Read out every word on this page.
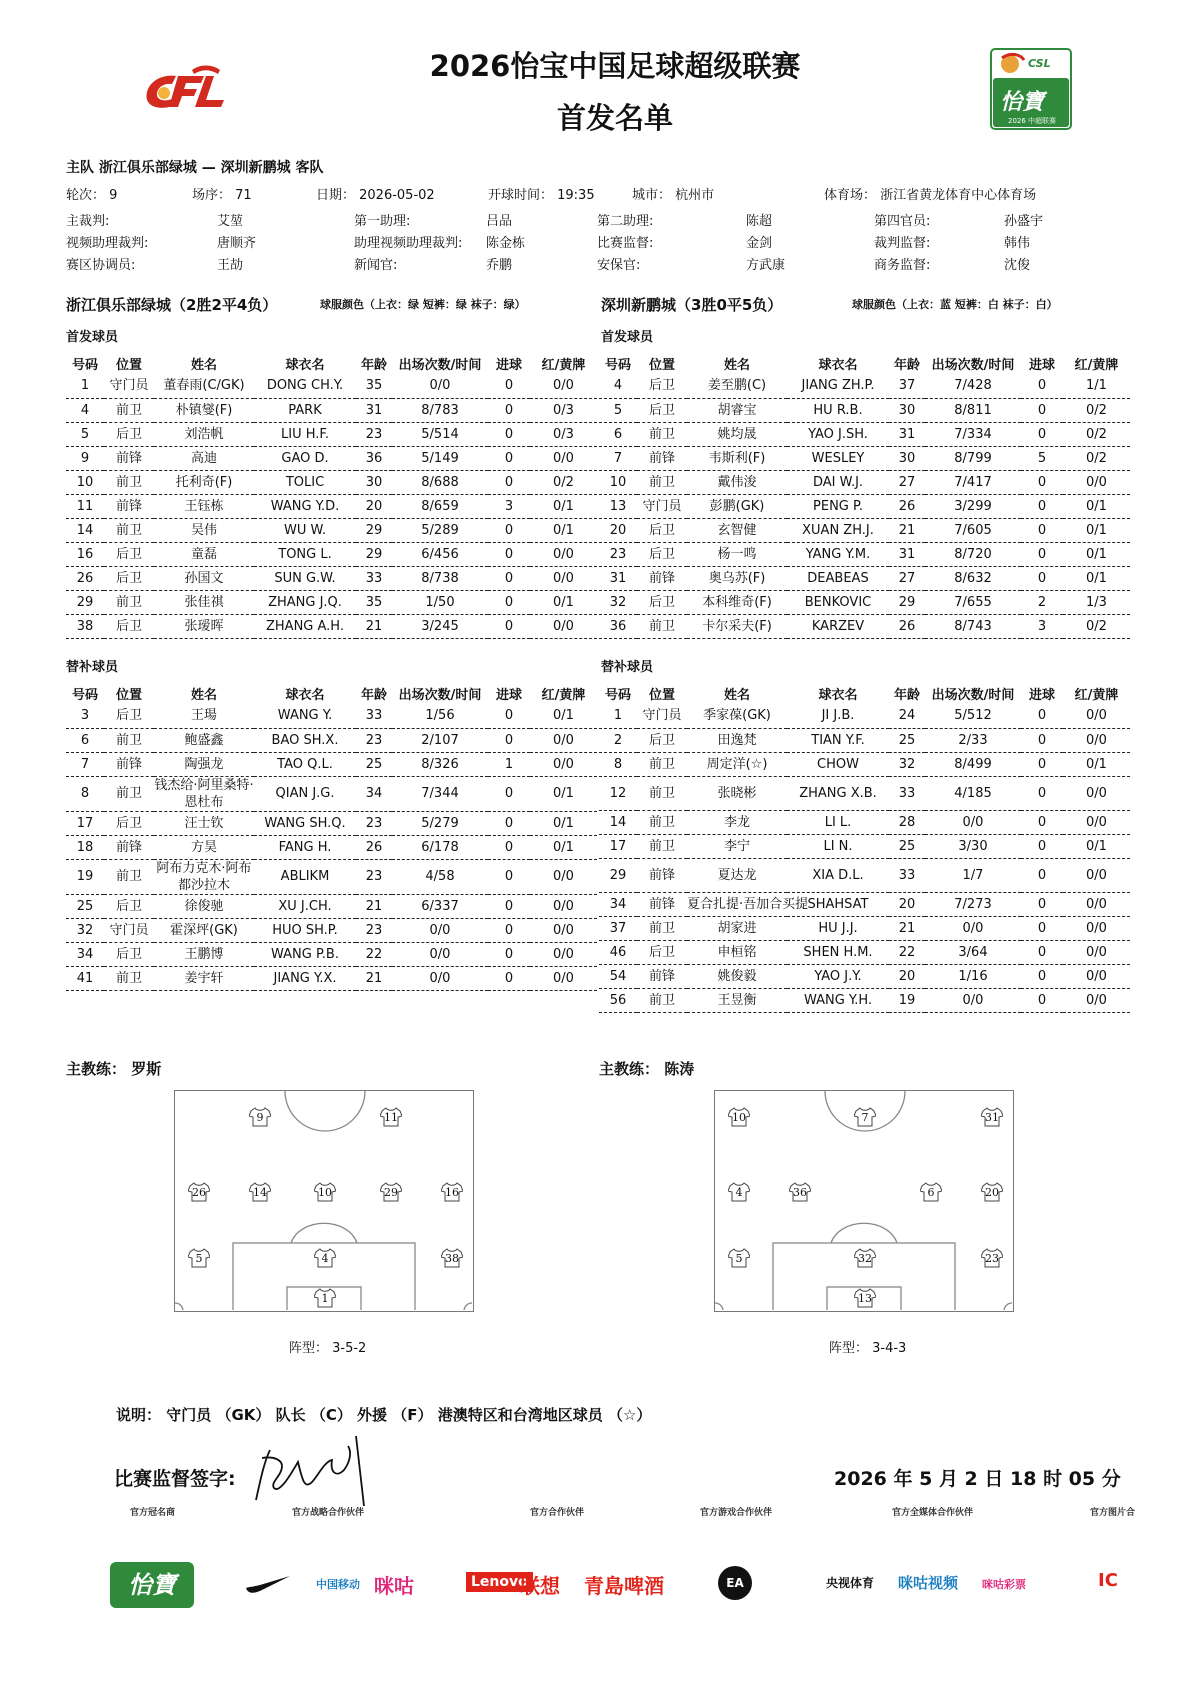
2026怡宝中国足球超级联赛
首发名单
CSL
怡寶
2026 中超联赛
主队 浙江俱乐部绿城 — 深圳新鹏城 客队
轮次： 9	场序： 71	日期： 2026-05-02	开球时间： 19:35	城市： 杭州市	体育场： 浙江省黄龙体育中心体育场
主裁判:	艾堃	第一助理:	吕品	第二助理:	陈超	第四官员:	孙盛宇
视频助理裁判:	唐顺齐	助理视频助理裁判: 陈金栋	比赛监督:	金剑	裁判监督:	韩伟
赛区协调员:	王劼	新闻官:	乔鹏	安保官:	方武康	商务监督:	沈俊
浙江俱乐部绿城（2胜2平4负）	球服颜色（上衣：绿 短裤：绿 袜子：绿）	深圳新鹏城（3胜0平5负）	球服颜色（上衣：蓝 短裤：白 袜子：白）
首发球员	首发球员
号码	位置	姓名	球衣名	年龄	出场次数/时间	进球	红/黄牌
1	守门员	董春雨(C/GK)	DONG CH.Y.	35	0/0	0	0/0
4	前卫	朴镇燮(F)	PARK	31	8/783	0	0/3
5	后卫	刘浩帆	LIU H.F.	23	5/514	0	0/3
9	前锋	高迪	GAO D.	36	5/149	0	0/0
10	前卫	托利奇(F)	TOLIC	30	8/688	0	0/2
11	前锋	王钰栋	WANG Y.D.	20	8/659	3	0/1
14	前卫	吴伟	WU W.	29	5/289	0	0/1
16	后卫	童磊	TONG L.	29	6/456	0	0/0
26	后卫	孙国文	SUN G.W.	33	8/738	0	0/0
29	前卫	张佳祺	ZHANG J.Q.	35	1/50	0	0/1
38	后卫	张瑷晖	ZHANG A.H.	21	3/245	0	0/0
号码	位置	姓名	球衣名	年龄	出场次数/时间	进球	红/黄牌
4	后卫	姜至鹏(C)	JIANG ZH.P.	37	7/428	0	1/1
5	后卫	胡睿宝	HU R.B.	30	8/811	0	0/2
6	前卫	姚均晟	YAO J.SH.	31	7/334	0	0/2
7	前锋	韦斯利(F)	WESLEY	30	8/799	5	0/2
10	前卫	戴伟浚	DAI W.J.	27	7/417	0	0/0
13	守门员	彭鹏(GK)	PENG P.	26	3/299	0	0/1
20	后卫	玄智健	XUAN ZH.J.	21	7/605	0	0/1
23	后卫	杨一鸣	YANG Y.M.	31	8/720	0	0/1
31	前锋	奥乌苏(F)	DEABEAS	27	8/632	0	0/1
32	后卫	本科维奇(F)	BENKOVIC	29	7/655	2	1/3
36	前卫	卡尔采夫(F)	KARZEV	26	8/743	3	0/2
替补球员	替补球员
号码	位置	姓名	球衣名	年龄	出场次数/时间	进球	红/黄牌
3	后卫	王瑒	WANG Y.	33	1/56	0	0/1
6	前卫	鲍盛鑫	BAO SH.X.	23	2/107	0	0/0
7	前锋	陶强龙	TAO Q.L.	25	8/326	1	0/0
8	前卫	钱杰给·阿里桑特·恩杜布	QIAN J.G.	34	7/344	0	0/1
17	后卫	汪士钦	WANG SH.Q.	23	5/279	0	0/1
18	前锋	方昊	FANG H.	26	6/178	0	0/1
19	前卫	阿布力克木·阿布都沙拉木	ABLIKM	23	4/58	0	0/0
25	后卫	徐俊驰	XU J.CH.	21	6/337	0	0/0
32	守门员	霍深坪(GK)	HUO SH.P.	23	0/0	0	0/0
34	后卫	王鹏博	WANG P.B.	22	0/0	0	0/0
41	前卫	姜宇轩	JIANG Y.X.	21	0/0	0	0/0
号码	位置	姓名	球衣名	年龄	出场次数/时间	进球	红/黄牌
1	守门员	季家葆(GK)	JI J.B.	24	5/512	0	0/0
2	后卫	田逸梵	TIAN Y.F.	25	2/33	0	0/0
8	前卫	周定洋(☆)	CHOW	32	8/499	0	0/1
12	前卫	张晓彬	ZHANG X.B.	33	4/185	0	0/0
14	前卫	李龙	LI L.	28	0/0	0	0/0
17	前卫	李宁	LI N.	25	3/30	0	0/1
29	前锋	夏达龙	XIA D.L.	33	1/7	0	0/0
34	前锋	夏合扎提·吾加合买提	SHAHSAT	20	7/273	0	0/0
37	前卫	胡家进	HU J.J.	21	0/0	0	0/0
46	后卫	申桓铭	SHEN H.M.	22	3/64	0	0/0
54	前锋	姚俊毅	YAO J.Y.	20	1/16	0	0/0
56	前卫	王昱衡	WANG Y.H.	19	0/0	0	0/0
主教练： 罗斯	主教练： 陈涛
9	11
26	14	10	29	16
5	4	38
1
10	7	31
4	36	6	20
5	32	23
13
阵型： 3-5-2	阵型： 3-4-3
说明： 守门员 （GK） 队长 （C） 外援 （F） 港澳特区和台湾地区球员 （☆）
比赛监督签字:	2026 年 5 月 2 日 18 时 05 分
官方冠名商	官方战略合作伙伴	官方合作伙伴	官方游戏合作伙伴	官方全媒体合作伙伴	官方图片合
怡寶	中国移动 咪咕	Lenovo
联想 青島啤酒	EA	央视体育 咪咕视频 咪咕彩票	IC
